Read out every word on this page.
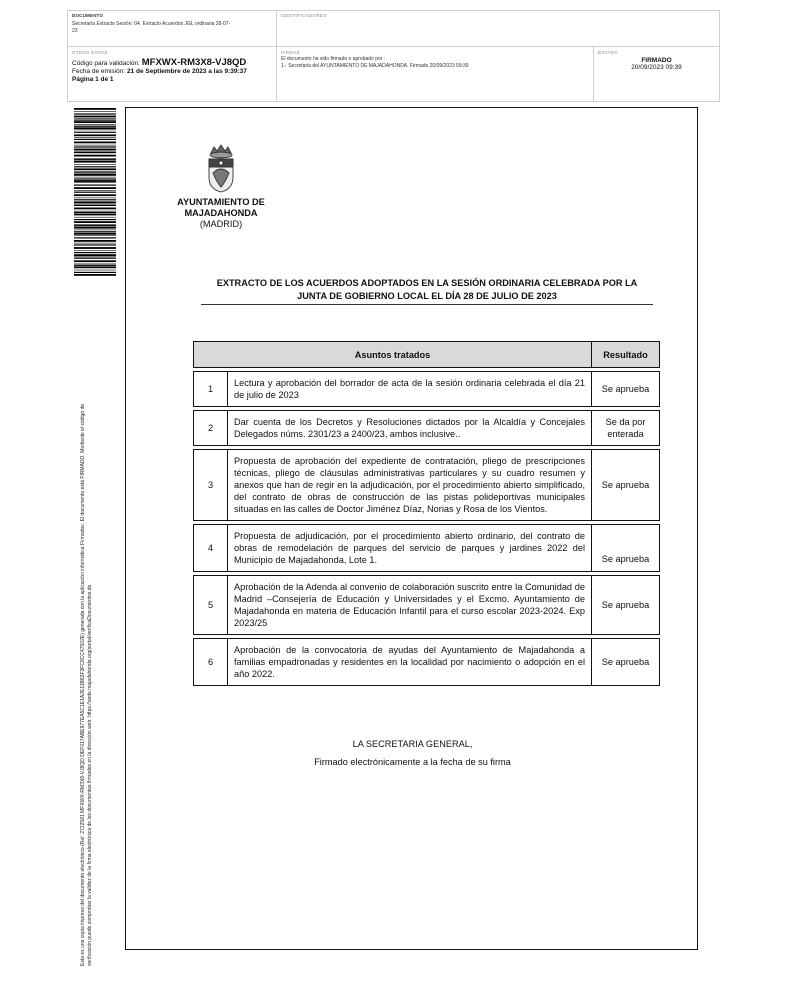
DOCUMENTO
Secretaría Extracto Sesión: 04. Extracto Acuerdos JGL ordinaria 28-07-23
IDENTIFICADORES
OTROS DATOS
Código para validación: MFXWX-RM3X8-VJ8QD
Fecha de emisión: 21 de Septiembre de 2023 a las 9:39:37
Página 1 de 1
FIRMAS
El documento ha sido firmado o aprobado por :
1.- Secretaria del AYUNTAMIENTO DE MAJADAHONDA. Firmado 20/09/2023 09:39
ESTADO
FIRMADO
20/09/2023 09:39
Esta es una copia impresa del documento electrónico (Ref: 2722581 MFXWX-RM3X8-VJ8QD DEF017ABE977EA5C1E1A2E11B82F3FC8CC47502E) generada con la aplicación informática Firmadoc. El documento está FIRMADO. Mediante el código de verificación puede comprobar la validez de la firma electrónica de los documentos firmados en la dirección web: https://sede.majadahonda.org/portal/verificaDocumentos.do
AYUNTAMIENTO DE
MAJADAHONDA
(MADRID)
EXTRACTO DE LOS ACUERDOS ADOPTADOS EN LA SESIÓN ORDINARIA CELEBRADA POR LA
JUNTA DE GOBIERNO LOCAL EL DÍA 28 DE JULIO DE 2023
Asuntos tratados		Resultado

1	Lectura y aprobación del borrador de acta de la sesión ordinaria celebrada el día 21 de julio de 2023	Se aprueba

2	Dar cuenta de los Decretos y Resoluciones dictados por la Alcaldía y Concejales Delegados núms. 2301/23 a 2400/23, ambos inclusive..	Se da por enterada

3	Propuesta de aprobación del expediente de contratación, pliego de prescripciones técnicas, pliego de cláusulas administrativas particulares y su cuadro resumen y anexos que han de regir en la adjudicación, por el procedimiento abierto simplificado, del contrato de obras de construcción de las pistas polideportivas municipales situadas en las calles de Doctor Jiménez Díaz, Norias y Rosa de los Vientos.	Se aprueba

4	Propuesta de adjudicación, por el procedimiento abierto ordinario, del contrato de obras de remodelación de parques del servicio de parques y jardines 2022 del Municipio de Majadahonda, Lote 1.	Se aprueba

5	Aprobación de la Adenda al convenio de colaboración suscrito entre la Comunidad de Madrid –Consejería de Educación y Universidades y el Excmo. Ayuntamiento de Majadahonda en materia de Educación Infantil para el curso escolar 2023-2024. Exp 2023/25	Se aprueba

6	Aprobación de la convocatoria de ayudas del Ayuntamiento de Majadahonda a familias empadronadas y residentes en la localidad por nacimiento o adopción en el año 2022.	Se aprueba
LA SECRETARIA GENERAL,
Firmado electrónicamente a la fecha de su firma
